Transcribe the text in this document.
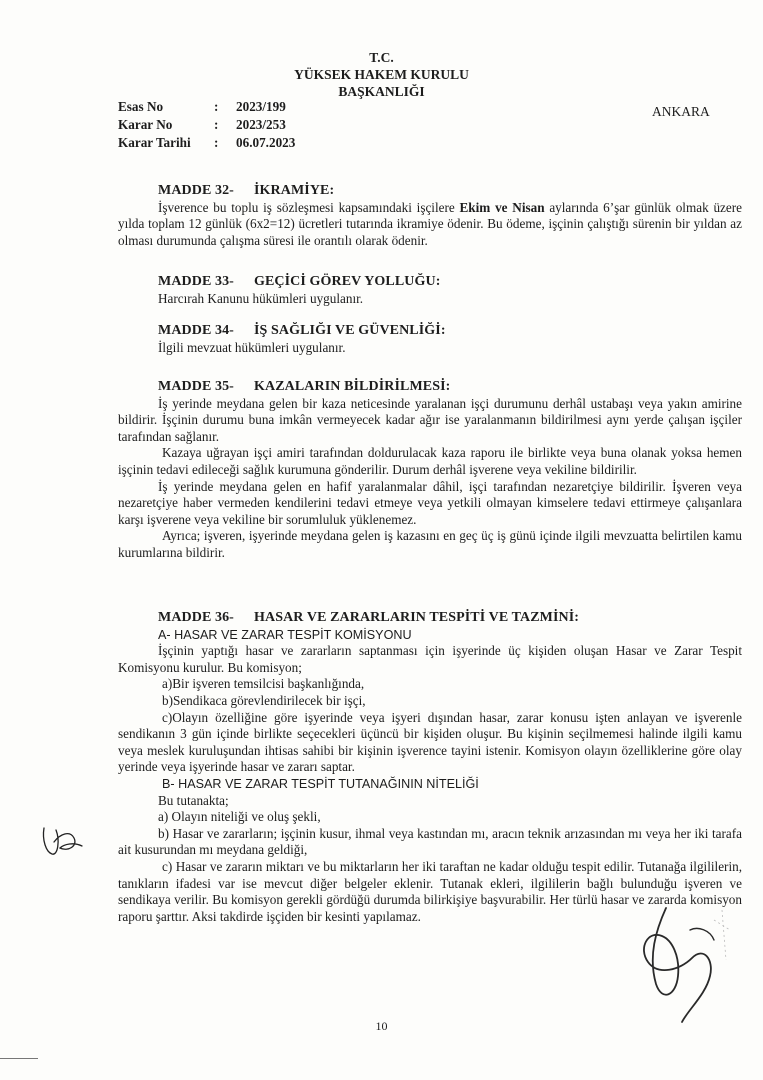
T.C.
YÜKSEK HAKEM KURULU
BAŞKANLIĞI
ANKARA
Esas No	: 2023/199
Karar No	: 2023/253
Karar Tarihi : 06.07.2023
MADDE 32- İKRAMİYE:

İşverence bu toplu iş sözleşmesi kapsamındaki işçilere Ekim ve Nisan aylarında 6’şar günlük olmak üzere yılda toplam 12 günlük (6x2=12) ücretleri tutarında ikramiye ödenir. Bu ödeme, işçinin çalıştığı sürenin bir yıldan az olması durumunda çalışma süresi ile orantılı olarak ödenir.

MADDE 33- GEÇİCİ GÖREV YOLLUĞU:

Harcırah Kanunu hükümleri uygulanır.

MADDE 34- İŞ SAĞLIĞI VE GÜVENLİĞİ:

İlgili mevzuat hükümleri uygulanır.

MADDE 35- KAZALARIN BİLDİRİLMESİ:

İş yerinde meydana gelen bir kaza neticesinde yaralanan işçi durumunu derhâl ustabaşı veya yakın amirine bildirir. İşçinin durumu buna imkân vermeyecek kadar ağır ise yaralanmanın bildirilmesi aynı yerde çalışan işçiler tarafından sağlanır.

Kazaya uğrayan işçi amiri tarafından doldurulacak kaza raporu ile birlikte veya buna olanak yoksa hemen işçinin tedavi edileceği sağlık kurumuna gönderilir. Durum derhâl işverene veya vekiline bildirilir.

İş yerinde meydana gelen en hafif yaralanmalar dâhil, işçi tarafından nezaretçiye bildirilir. İşveren veya nezaretçiye haber vermeden kendilerini tedavi etmeye veya yetkili olmayan kimselere tedavi ettirmeye çalışanlara karşı işverene veya vekiline bir sorumluluk yüklenemez.

Ayrıca; işveren, işyerinde meydana gelen iş kazasını en geç üç iş günü içinde ilgili mevzuatta belirtilen kamu kurumlarına bildirir.

MADDE 36- HASAR VE ZARARLARIN TESPİTİ VE TAZMİNİ:

A- HASAR VE ZARAR TESPİT KOMİSYONU

İşçinin yaptığı hasar ve zararların saptanması için işyerinde üç kişiden oluşan Hasar ve Zarar Tespit Komisyonu kurulur. Bu komisyon;

a)Bir işveren temsilcisi başkanlığında,

b)Sendikaca görevlendirilecek bir işçi,

c)Olayın özelliğine göre işyerinde veya işyeri dışından hasar, zarar konusu işten anlayan ve işverenle sendikanın 3 gün içinde birlikte seçecekleri üçüncü bir kişiden oluşur. Bu kişinin seçilmemesi halinde ilgili kamu veya meslek kuruluşundan ihtisas sahibi bir kişinin işverence tayini istenir. Komisyon olayın özelliklerine göre olay yerinde veya işyerinde hasar ve zararı saptar.

B- HASAR VE ZARAR TESPİT TUTANAĞININ NİTELİĞİ

Bu tutanakta;

a) Olayın niteliği ve oluş şekli,

b) Hasar ve zararların; işçinin kusur, ihmal veya kastından mı, aracın teknik arızasından mı veya her iki tarafa ait kusurundan mı meydana geldiği,

c) Hasar ve zararın miktarı ve bu miktarların her iki taraftan ne kadar olduğu tespit edilir. Tutanağa ilgililerin, tanıkların ifadesi var ise mevcut diğer belgeler eklenir. Tutanak ekleri, ilgililerin bağlı bulunduğu işveren ve sendikaya verilir. Bu komisyon gerekli gördüğü durumda bilirkişiye başvurabilir. Her türlü hasar ve zararda komisyon raporu şarttır. Aksi takdirde işçiden bir kesinti yapılamaz.

10
